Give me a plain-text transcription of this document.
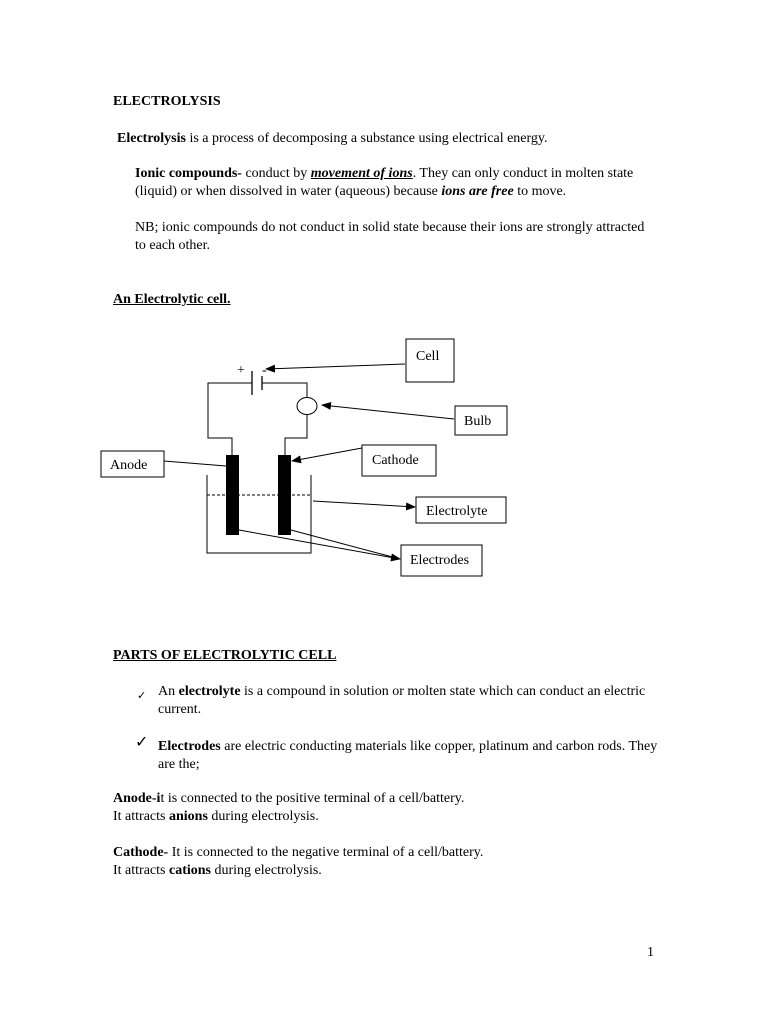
ELECTROLYSIS
Electrolysis is a process of decomposing a substance using electrical energy.
Ionic compounds- conduct by movement of ions. They can only conduct in molten state (liquid) or when dissolved in water (aqueous) because ions are free to move.
NB; ionic compounds do not conduct in solid state because their ions are strongly attracted to each other.
An Electrolytic cell.
+ -
Cell
Bulb
Anode	Cathode
Electrolyte
Electrodes
PARTS OF ELECTROLYTIC CELL
✓ An electrolyte is a compound in solution or molten state which can conduct an electric current.
✓ Electrodes are electric conducting materials like copper, platinum and carbon rods. They are the;
Anode-it is connected to the positive terminal of a cell/battery.
It attracts anions during electrolysis.
Cathode- It is connected to the negative terminal of a cell/battery.
It attracts cations during electrolysis.
1
